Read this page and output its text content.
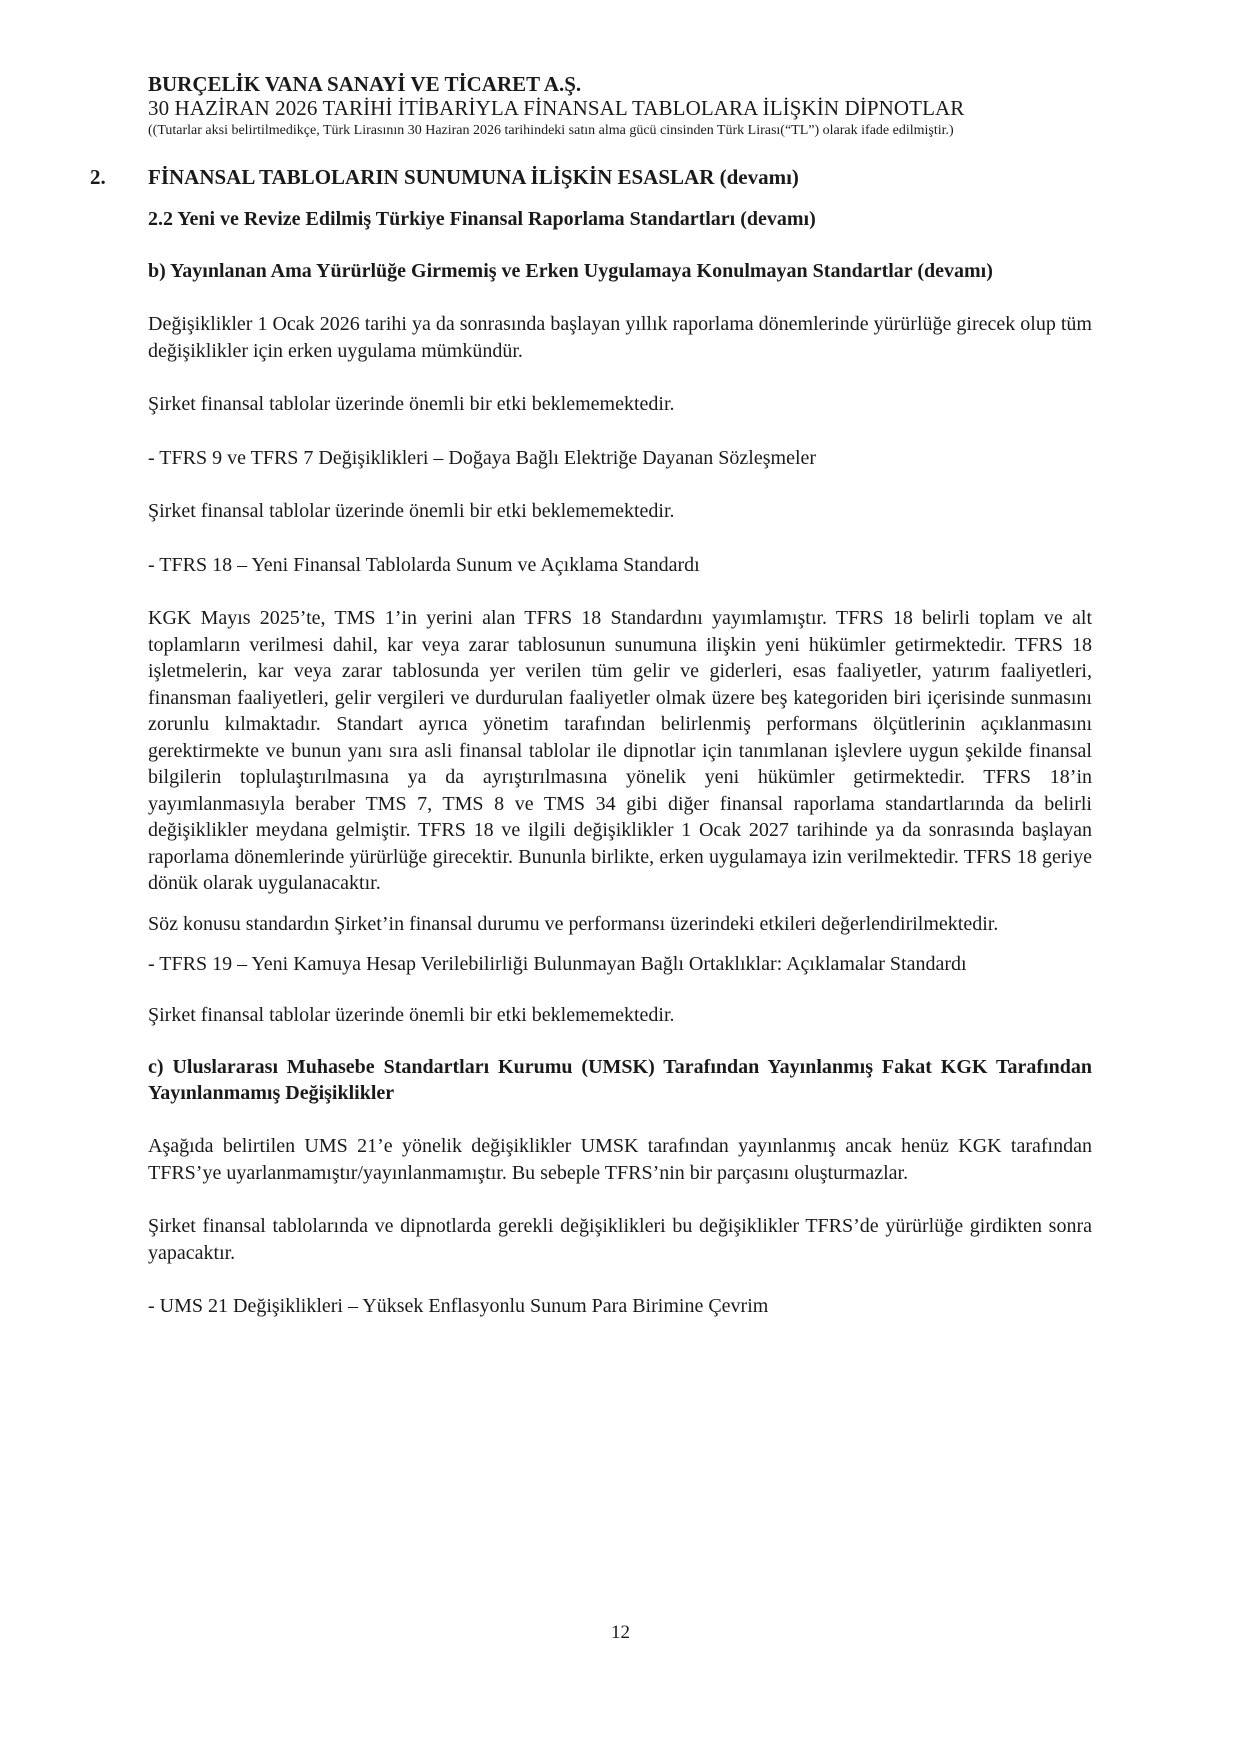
BURÇELİK VANA SANAYİ VE TİCARET A.Ş.
30 HAZİRAN 2026 TARİHİ İTİBARİYLA FİNANSAL TABLOLARA İLİŞKİN DİPNOTLAR
((Tutarlar aksi belirtilmedikçe, Türk Lirasının 30 Haziran 2026 tarihindeki satın alma gücü cinsinden Türk Lirası(“TL”) olarak ifade edilmiştir.)
2. FİNANSAL TABLOLARIN SUNUMUNA İLİŞKİN ESASLAR (devamı)
2.2 Yeni ve Revize Edilmiş Türkiye Finansal Raporlama Standartları (devamı)
b) Yayınlanan Ama Yürürlüğe Girmemiş ve Erken Uygulamaya Konulmayan Standartlar (devamı)

Değişiklikler 1 Ocak 2026 tarihi ya da sonrasında başlayan yıllık raporlama dönemlerinde yürürlüğe girecek olup tüm değişiklikler için erken uygulama mümkündür.

Şirket finansal tablolar üzerinde önemli bir etki beklememektedir.

- TFRS 9 ve TFRS 7 Değişiklikleri – Doğaya Bağlı Elektriğe Dayanan Sözleşmeler

Şirket finansal tablolar üzerinde önemli bir etki beklememektedir.

- TFRS 18 – Yeni Finansal Tablolarda Sunum ve Açıklama Standardı

KGK Mayıs 2025’te, TMS 1’in yerini alan TFRS 18 Standardını yayımlamıştır. TFRS 18 belirli toplam ve alt toplamların verilmesi dahil, kar veya zarar tablosunun sunumuna ilişkin yeni hükümler getirmektedir. TFRS 18 işletmelerin, kar veya zarar tablosunda yer verilen tüm gelir ve giderleri, esas faaliyetler, yatırım faaliyetleri, finansman faaliyetleri, gelir vergileri ve durdurulan faaliyetler olmak üzere beş kategoriden biri içerisinde sunmasını zorunlu kılmaktadır. Standart ayrıca yönetim tarafından belirlenmiş performans ölçütlerinin açıklanmasını gerektirmekte ve bunun yanı sıra asli finansal tablolar ile dipnotlar için tanımlanan işlevlere uygun şekilde finansal bilgilerin toplulaştırılmasına ya da ayrıştırılmasına yönelik yeni hükümler getirmektedir. TFRS 18’in yayımlanmasıyla beraber TMS 7, TMS 8 ve TMS 34 gibi diğer finansal raporlama standartlarında da belirli değişiklikler meydana gelmiştir. TFRS 18 ve ilgili değişiklikler 1 Ocak 2027 tarihinde ya da sonrasında başlayan raporlama dönemlerinde yürürlüğe girecektir. Bununla birlikte, erken uygulamaya izin verilmektedir. TFRS 18 geriye dönük olarak uygulanacaktır.

Söz konusu standardın Şirket’in finansal durumu ve performansı üzerindeki etkileri değerlendirilmektedir.

- TFRS 19 – Yeni Kamuya Hesap Verilebilirliği Bulunmayan Bağlı Ortaklıklar: Açıklamalar Standardı

Şirket finansal tablolar üzerinde önemli bir etki beklememektedir.

c) Uluslararası Muhasebe Standartları Kurumu (UMSK) Tarafından Yayınlanmış Fakat KGK Tarafından Yayınlanmamış Değişiklikler

Aşağıda belirtilen UMS 21’e yönelik değişiklikler UMSK tarafından yayınlanmış ancak henüz KGK tarafından TFRS’ye uyarlanmamıştır/yayınlanmamıştır. Bu sebeple TFRS’nin bir parçasını oluşturmazlar.

Şirket finansal tablolarında ve dipnotlarda gerekli değişiklikleri bu değişiklikler TFRS’de yürürlüğe girdikten sonra yapacaktır.

- UMS 21 Değişiklikleri – Yüksek Enflasyonlu Sunum Para Birimine Çevrim

12
